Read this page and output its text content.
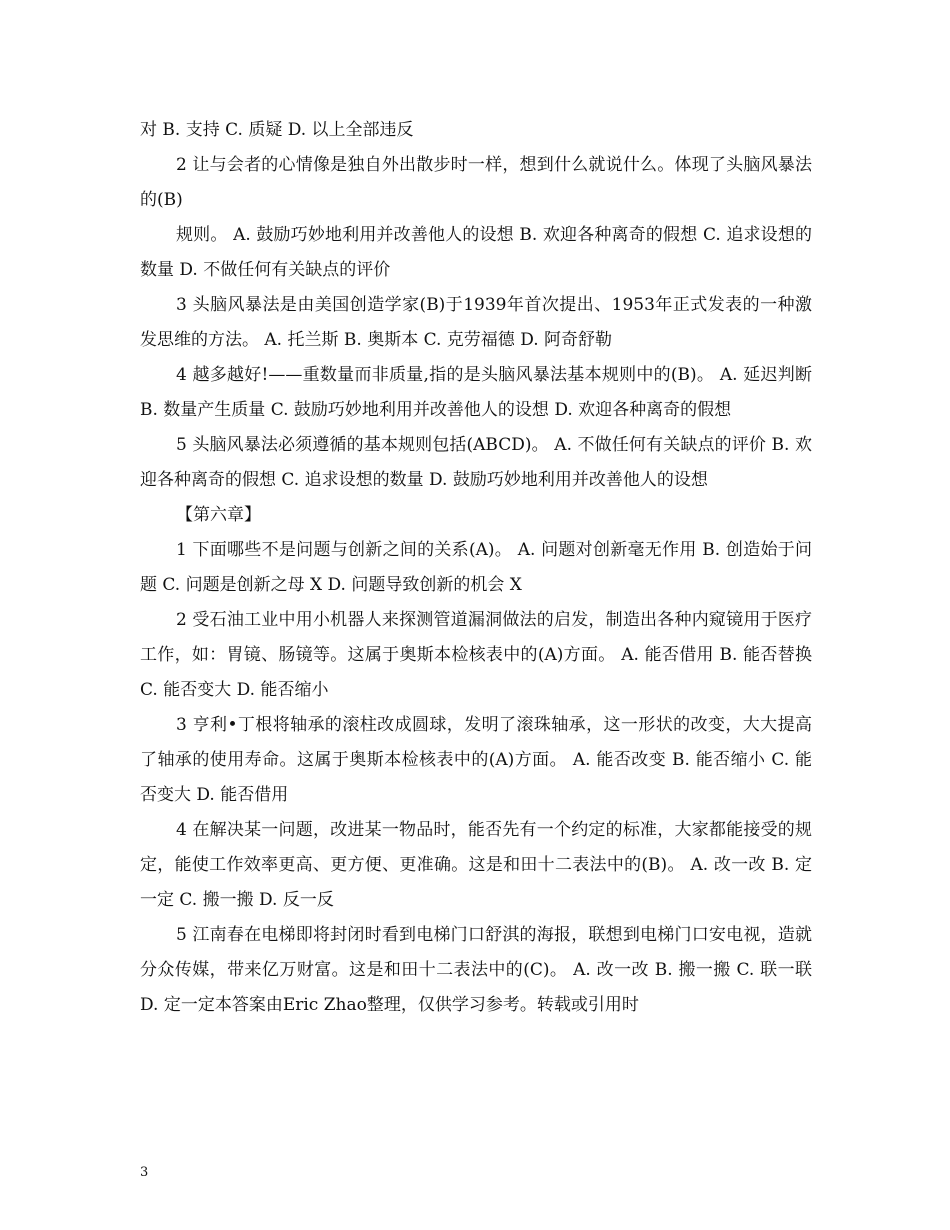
对 B. 支持 C. 质疑 D. 以上全部违反

2 让与会者的心情像是独自外出散步时一样，想到什么就说什么。体现了头脑风暴法的(B)

规则。 A. 鼓励巧妙地利用并改善他人的设想 B. 欢迎各种离奇的假想 C. 追求设想的数量 D. 不做任何有关缺点的评价

3 头脑风暴法是由美国创造学家(B)于1939年首次提出、1953年正式发表的一种激发思维的方法。 A. 托兰斯 B. 奥斯本 C. 克劳福德 D. 阿奇舒勒

4 越多越好!——重数量而非质量,指的是头脑风暴法基本规则中的(B)。 A. 延迟判断 B. 数量产生质量 C. 鼓励巧妙地利用并改善他人的设想 D. 欢迎各种离奇的假想

5 头脑风暴法必须遵循的基本规则包括(ABCD)。 A. 不做任何有关缺点的评价 B. 欢迎各种离奇的假想 C. 追求设想的数量 D. 鼓励巧妙地利用并改善他人的设想

【第六章】

1 下面哪些不是问题与创新之间的关系(A)。 A. 问题对创新毫无作用 B. 创造始于问题 C. 问题是创新之母 X D. 问题导致创新的机会 X

2 受石油工业中用小机器人来探测管道漏洞做法的启发，制造出各种内窥镜用于医疗工作，如：胃镜、肠镜等。这属于奥斯本检核表中的(A)方面。 A. 能否借用 B. 能否替换 C. 能否变大 D. 能否缩小

3 亨利•丁根将轴承的滚柱改成圆球，发明了滚珠轴承，这一形状的改变，大大提高了轴承的使用寿命。这属于奥斯本检核表中的(A)方面。 A. 能否改变 B. 能否缩小 C. 能否变大 D. 能否借用

4 在解决某一问题，改进某一物品时，能否先有一个约定的标准，大家都能接受的规定，能使工作效率更高、更方便、更准确。这是和田十二表法中的(B)。 A. 改一改 B. 定一定 C. 搬一搬 D. 反一反

5 江南春在电梯即将封闭时看到电梯门口舒淇的海报，联想到电梯门口安电视，造就分众传媒，带来亿万财富。这是和田十二表法中的(C)。 A. 改一改 B. 搬一搬 C. 联一联 D. 定一定本答案由Eric Zhao整理，仅供学习参考。转载或引用时

3
